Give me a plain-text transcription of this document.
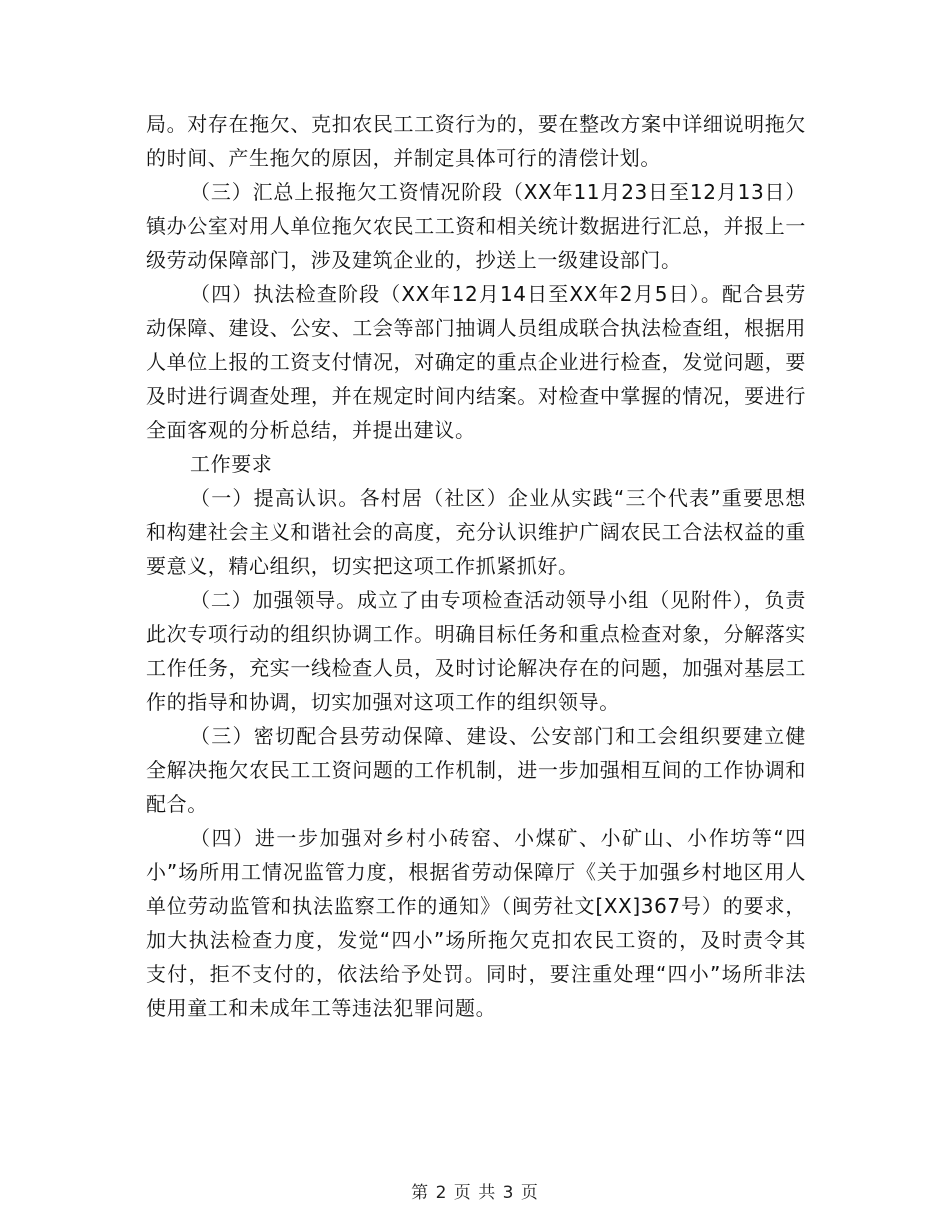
局。对存在拖欠、克扣农民工工资行为的，要在整改方案中详细说明拖欠的时间、产生拖欠的原因，并制定具体可行的清偿计划。

（三）汇总上报拖欠工资情况阶段（XX年11月23日至12月13日）镇办公室对用人单位拖欠农民工工资和相关统计数据进行汇总，并报上一级劳动保障部门，涉及建筑企业的，抄送上一级建设部门。

（四）执法检查阶段（XX年12月14日至XX年2月5日）。配合县劳动保障、建设、公安、工会等部门抽调人员组成联合执法检查组，根据用人单位上报的工资支付情况，对确定的重点企业进行检查，发觉问题，要及时进行调查处理，并在规定时间内结案。对检查中掌握的情况，要进行全面客观的分析总结，并提出建议。

工作要求

（一）提高认识。各村居（社区）企业从实践“三个代表”重要思想和构建社会主义和谐社会的高度，充分认识维护广阔农民工合法权益的重要意义，精心组织，切实把这项工作抓紧抓好。

（二）加强领导。成立了由专项检查活动领导小组（见附件），负责此次专项行动的组织协调工作。明确目标任务和重点检查对象，分解落实工作任务，充实一线检查人员，及时讨论解决存在的问题，加强对基层工作的指导和协调，切实加强对这项工作的组织领导。

（三）密切配合县劳动保障、建设、公安部门和工会组织要建立健全解决拖欠农民工工资问题的工作机制，进一步加强相互间的工作协调和配合。

（四）进一步加强对乡村小砖窑、小煤矿、小矿山、小作坊等“四小”场所用工情况监管力度，根据省劳动保障厅《关于加强乡村地区用人单位劳动监管和执法监察工作的通知》（闽劳社文[XX]367号）的要求，加大执法检查力度，发觉“四小”场所拖欠克扣农民工资的，及时责令其支付，拒不支付的，依法给予处罚。同时，要注重处理“四小”场所非法使用童工和未成年工等违法犯罪问题。

第 2 页 共 3 页
